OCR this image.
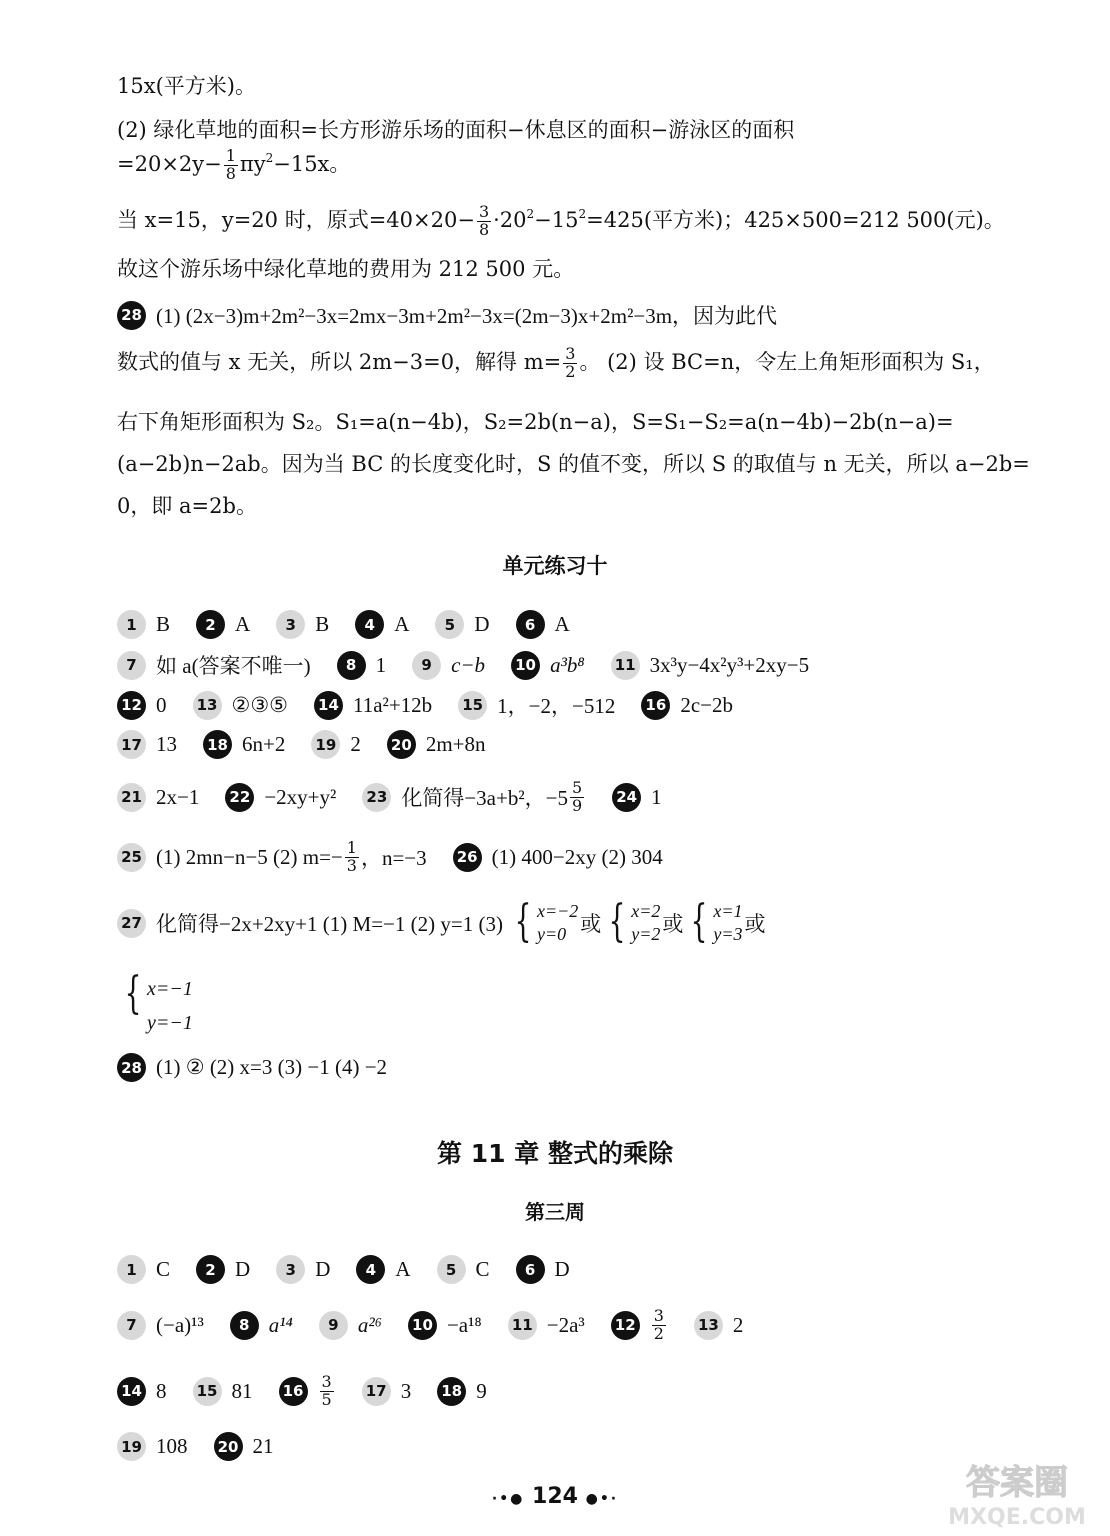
15x(平方米)。
(2) 绿化草地的面积=长方形游乐场的面积−休息区的面积−游泳区的面积
$=20\times 2y- \frac{1}{8} \pi y^2-15x$。
当 x=15，y=20 时，原式$=40\times 20- \frac{3}{8} \cdot 20^2-15^2=425$(平方米)；425×500=212 500(元)。
故这个游乐场中绿化草地的费用为 212 500 元。
28 (1) (2x−3)m+2m²−3x=2mx−3m+2m²−3x=(2m−3)x+2m²−3m，因为此代
数式的值与 x 无关，所以 2m−3=0，解得 $m= \frac{3}{2}$ 。 (2) 设 BC=n，令左上角矩形面积为 S₁，
右下角矩形面积为 S₂。S₁=a(n−4b)，S₂=2b(n−a)，S=S₁−S₂=a(n−4b)−2b(n−a)=
(a−2b)n−2ab。因为当 BC 的长度变化时，S 的值不变，所以 S 的取值与 n 无关，所以 a−2b=
0，即 a=2b。
单元练习十
1 B	2 A	3 B	4 A	5 D	6 A
7 如 a(答案不唯一)	8 1	9 c−b 10 a³b⁸ 11 3x³y−4x²y³+2xy−5
12 0 13 ②③⑤ 14 11a²+12b 15 1，−2，−512 16 2c−2b
17 13 18 6n+2 19 2 20 2m+8n
21 2x−1 22 −2xy+y² 23 化简得−3a+b²，$-5 \frac{5}{9} 24$ 1
25 (1) 2mn−n−5 (2) $m=- \frac{1}{3}$ ，n=−3 26 (1) 400−2xy (2) 304
27 化简得−2x+2xy+1 (1) M=−1 (2) y=1 (3) { x=−2
y=0 或 { x=2
y=2 或 { x=1
y=3 或
{ x=−1
y=−1
28 (1) ② (2) x=3 (3) −1 (4) −2
第 11 章 整式的乘除
第三周
1 C	2 D	3 D	4 A	5 C	6 D
7 (−a)¹³	8 a¹⁴	9 a²⁶ 10 −a¹⁸ 11 −2a³ $12 \frac{3}{2} 13$ 2
14 8 15 81 $16 \frac{3}{5} 17$ 3 18 9
19 108 20 21
·•● 124 ●•·	答案圈
MXQE.COM
